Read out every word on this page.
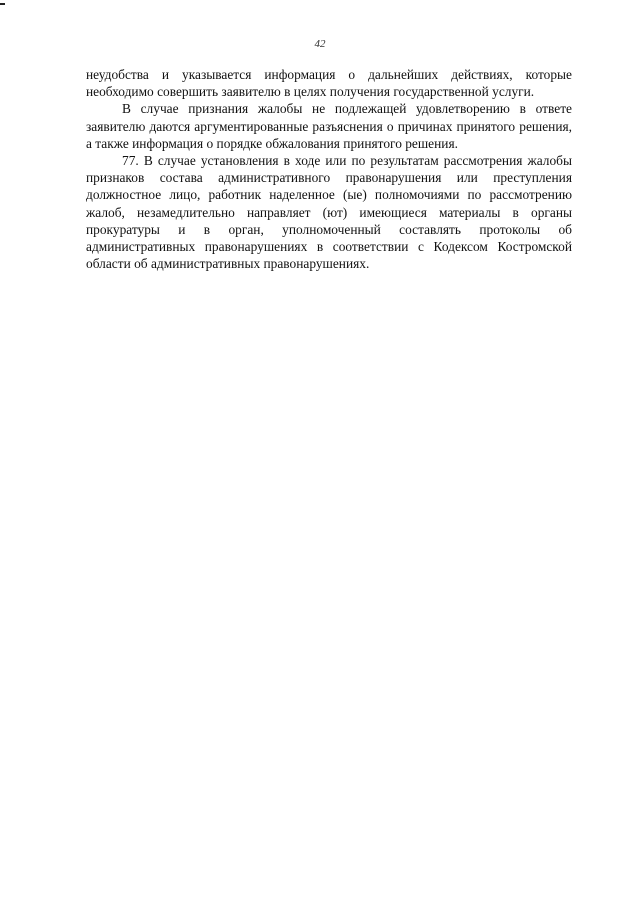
42

неудобства и указывается информация о дальнейших действиях, которые необходимо совершить заявителю в целях получения государственной услуги.

В случае признания жалобы не подлежащей удовлетворению в ответе заявителю даются аргументированные разъяснения о причинах принятого решения, а также информация о порядке обжалования принятого решения.

77. В случае установления в ходе или по результатам рассмотрения жалобы признаков состава административного правонарушения или преступления должностное лицо, работник наделенное (ые) полномочиями по рассмотрению жалоб, незамедлительно направляет (ют) имеющиеся материалы в органы прокуратуры и в орган, уполномоченный составлять протоколы об административных правонарушениях в соответствии с Кодексом Костромской области об административных правонарушениях.
